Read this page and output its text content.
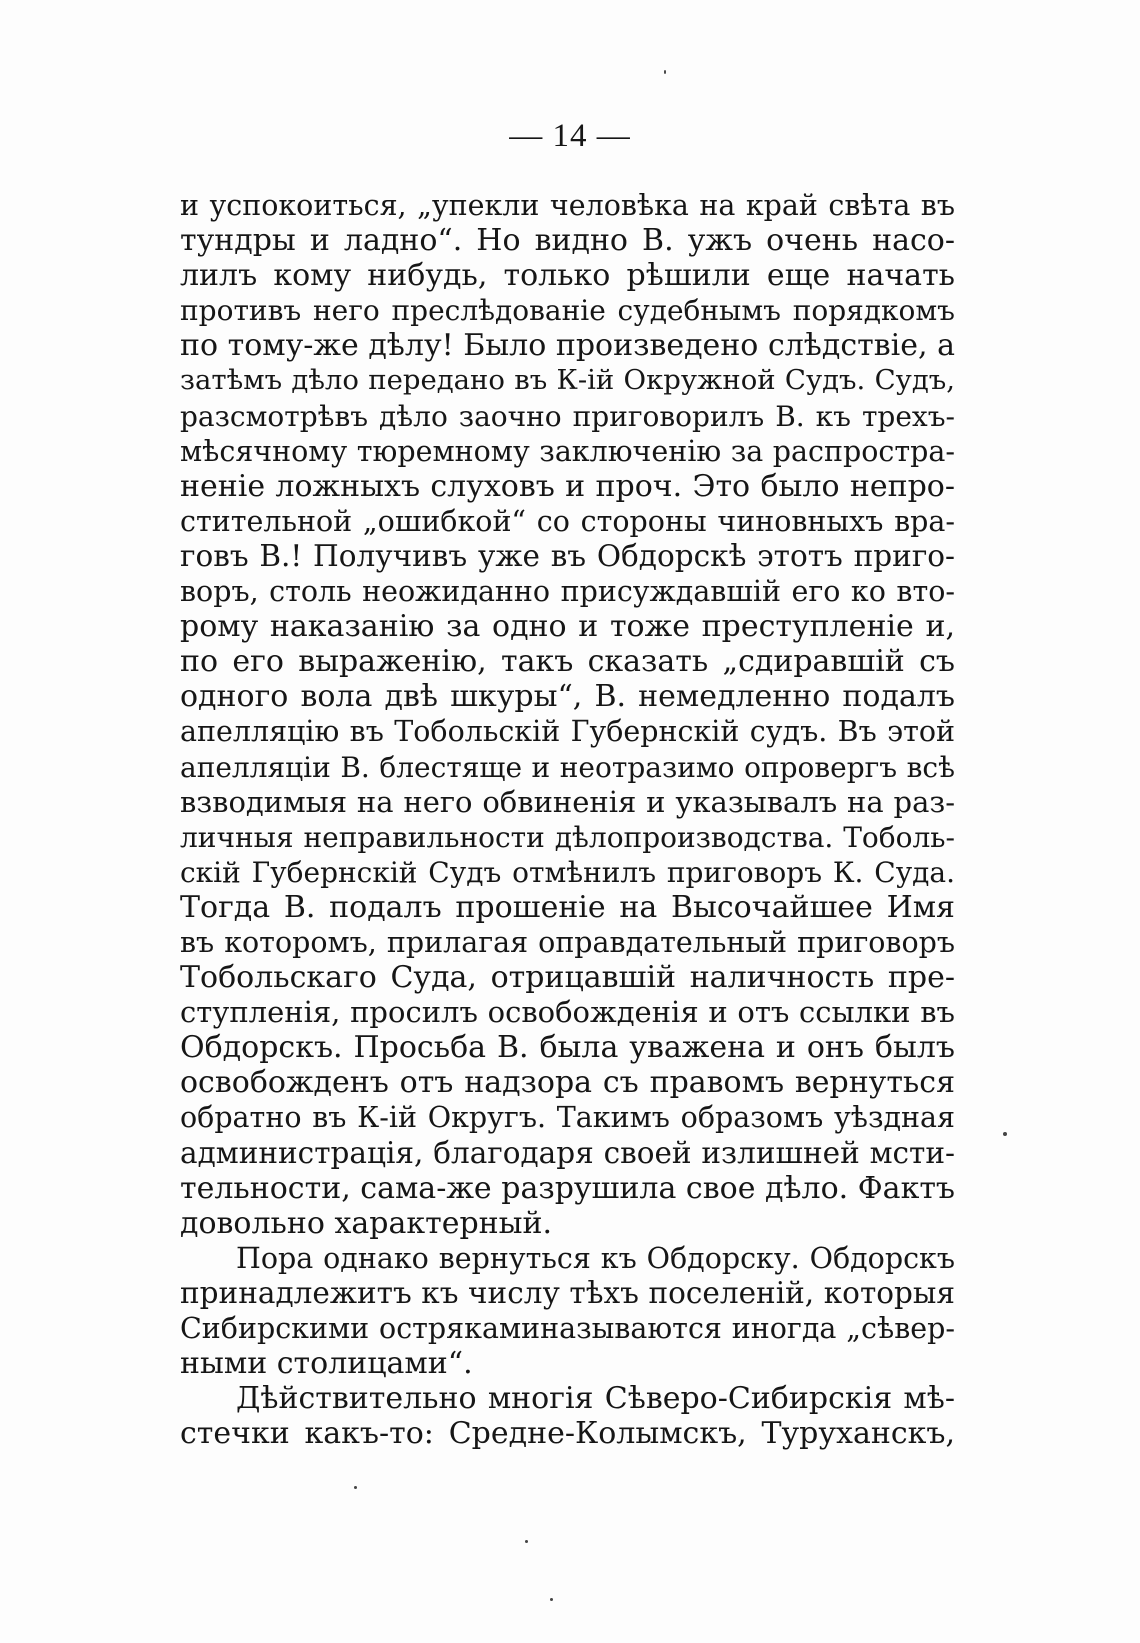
— 14 —
и успокоиться, „упекли человѣка на край свѣта въ
тундры и ладно“. Но видно В. ужъ очень насо-
лилъ кому нибудь, только рѣшили еще начать
противъ него преслѣдованіе судебнымъ порядкомъ
по тому-же дѣлу! Было произведено слѣдствіе, а
затѣмъ дѣло передано въ К-ій Окружной Судъ. Судъ,
разсмотрѣвъ дѣло заочно приговорилъ В. къ трехъ-
мѣсячному тюремному заключенію за распростра-
неніе ложныхъ слуховъ и проч. Это было непро-
стительной „ошибкой“ со стороны чиновныхъ вра-
говъ В.! Получивъ уже въ Обдорскѣ этотъ приго-
воръ, столь неожиданнo присуждавшій его ко вто-
рому наказанію за одно и тоже преступленіе и,
по его выраженію, такъ сказать „сдиравшій съ
одного вола двѣ шкуры“, В. немедленно подалъ
апелляцію въ Тобольскій Губернскій судъ. Въ этой
апелляціи В. блестяще и неотразимо опровергъ всѣ
взводимыя на него обвиненія и указывалъ на раз-
личныя неправильности дѣлопроизводства. Тоболь-
скій Губернскій Судъ отмѣнилъ приговоръ К. Суда.
Тогда В. подалъ прошеніе на Высочайшее Имя
въ которомъ, прилагая оправдательный приговоръ
Тобольскаго Суда, отрицавшій наличность пре-
ступленія, просилъ освобожденія и отъ ссылки въ
Обдорскъ. Просьба В. была уважена и онъ былъ
освобожденъ отъ надзора съ правомъ вернуться
обратнo въ К-ій Округъ. Такимъ образомъ уѣздная
администрація, благодаря своей излишней мсти-
тельности, сама-же разрушила свое дѣло. Фактъ
довольно характерный.
Пора однако вернуться къ Обдорску. Обдорскъ
принадлежитъ къ числу тѣхъ поселеній, которыя
Сибирскими острякаминазываются иногда „сѣвер-
ными столицами“.
Дѣйствительно многія Сѣверо-Сибирскія мѣ-
стечки какъ-то: Средне-Колымскъ, Туруханскъ,
